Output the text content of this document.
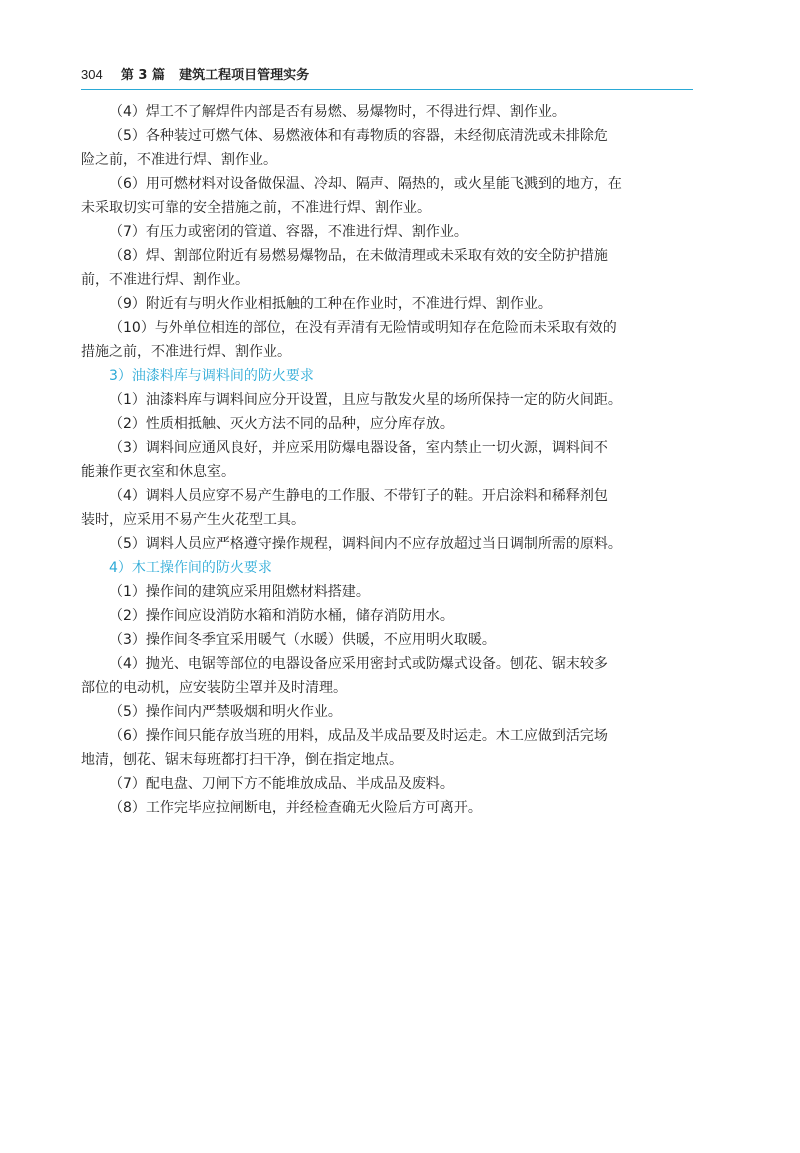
304 第 3 篇 建筑工程项目管理实务
（4）焊工不了解焊件内部是否有易燃、易爆物时，不得进行焊、割作业。
（5）各种装过可燃气体、易燃液体和有毒物质的容器，未经彻底清洗或未排除危
险之前，不准进行焊、割作业。
（6）用可燃材料对设备做保温、冷却、隔声、隔热的，或火星能飞溅到的地方，在
未采取切实可靠的安全措施之前，不准进行焊、割作业。
（7）有压力或密闭的管道、容器，不准进行焊、割作业。
（8）焊、割部位附近有易燃易爆物品，在未做清理或未采取有效的安全防护措施
前，不准进行焊、割作业。
（9）附近有与明火作业相抵触的工种在作业时，不准进行焊、割作业。
（10）与外单位相连的部位，在没有弄清有无险情或明知存在危险而未采取有效的
措施之前，不准进行焊、割作业。
3）油漆料库与调料间的防火要求
（1）油漆料库与调料间应分开设置，且应与散发火星的场所保持一定的防火间距。
（2）性质相抵触、灭火方法不同的品种，应分库存放。
（3）调料间应通风良好，并应采用防爆电器设备，室内禁止一切火源，调料间不
能兼作更衣室和休息室。
（4）调料人员应穿不易产生静电的工作服、不带钉子的鞋。开启涂料和稀释剂包
装时，应采用不易产生火花型工具。
（5）调料人员应严格遵守操作规程，调料间内不应存放超过当日调制所需的原料。
4）木工操作间的防火要求
（1）操作间的建筑应采用阻燃材料搭建。
（2）操作间应设消防水箱和消防水桶，储存消防用水。
（3）操作间冬季宜采用暖气（水暖）供暖，不应用明火取暖。
（4）抛光、电锯等部位的电器设备应采用密封式或防爆式设备。刨花、锯末较多
部位的电动机，应安装防尘罩并及时清理。
（5）操作间内严禁吸烟和明火作业。
（6）操作间只能存放当班的用料，成品及半成品要及时运走。木工应做到活完场
地清，刨花、锯末每班都打扫干净，倒在指定地点。
（7）配电盘、刀闸下方不能堆放成品、半成品及废料。
（8）工作完毕应拉闸断电，并经检查确无火险后方可离开。
